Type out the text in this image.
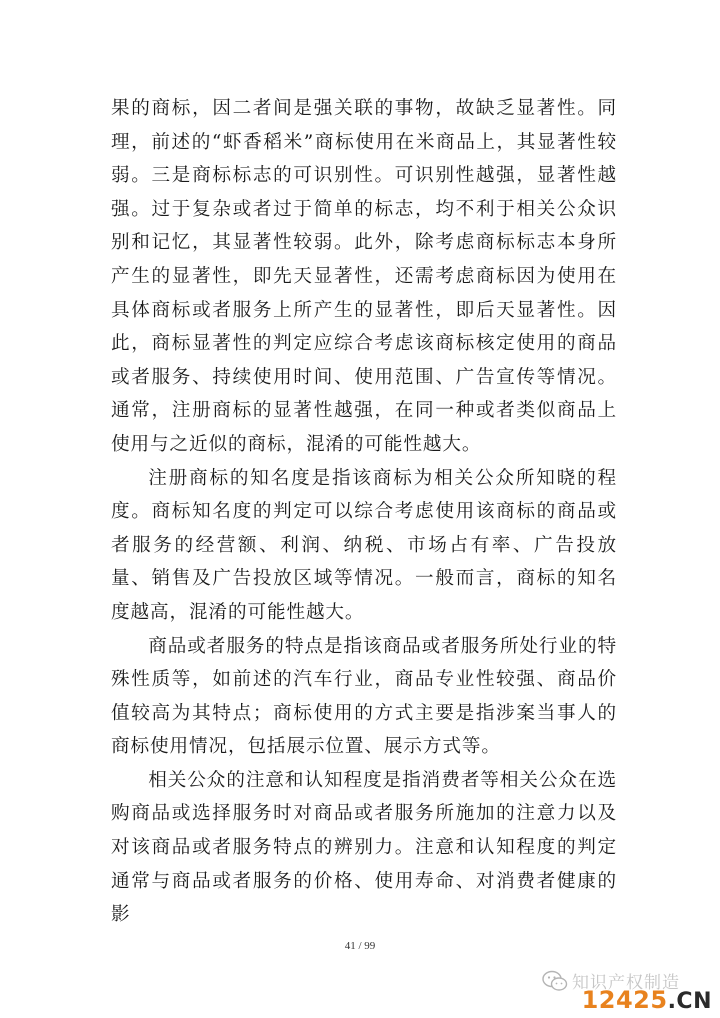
果的商标，因二者间是强关联的事物，故缺乏显著性。同理，前述的“虾香稻米”商标使用在米商品上，其显著性较弱。三是商标标志的可识别性。可识别性越强，显著性越强。过于复杂或者过于简单的标志，均不利于相关公众识别和记忆，其显著性较弱。此外，除考虑商标标志本身所产生的显著性，即先天显著性，还需考虑商标因为使用在具体商标或者服务上所产生的显著性，即后天显著性。因此，商标显著性的判定应综合考虑该商标核定使用的商品或者服务、持续使用时间、使用范围、广告宣传等情况。通常，注册商标的显著性越强，在同一种或者类似商品上使用与之近似的商标，混淆的可能性越大。

注册商标的知名度是指该商标为相关公众所知晓的程度。商标知名度的判定可以综合考虑使用该商标的商品或者服务的经营额、利润、纳税、市场占有率、广告投放量、销售及广告投放区域等情况。一般而言，商标的知名度越高，混淆的可能性越大。

商品或者服务的特点是指该商品或者服务所处行业的特殊性质等，如前述的汽车行业，商品专业性较强、商品价值较高为其特点；商标使用的方式主要是指涉案当事人的商标使用情况，包括展示位置、展示方式等。

相关公众的注意和认知程度是指消费者等相关公众在选购商品或选择服务时对商品或者服务所施加的注意力以及对该商品或者服务特点的辨别力。注意和认知程度的判定通常与商品或者服务的价格、使用寿命、对消费者健康的影

41 / 99
知识产权制造
12425.CN
